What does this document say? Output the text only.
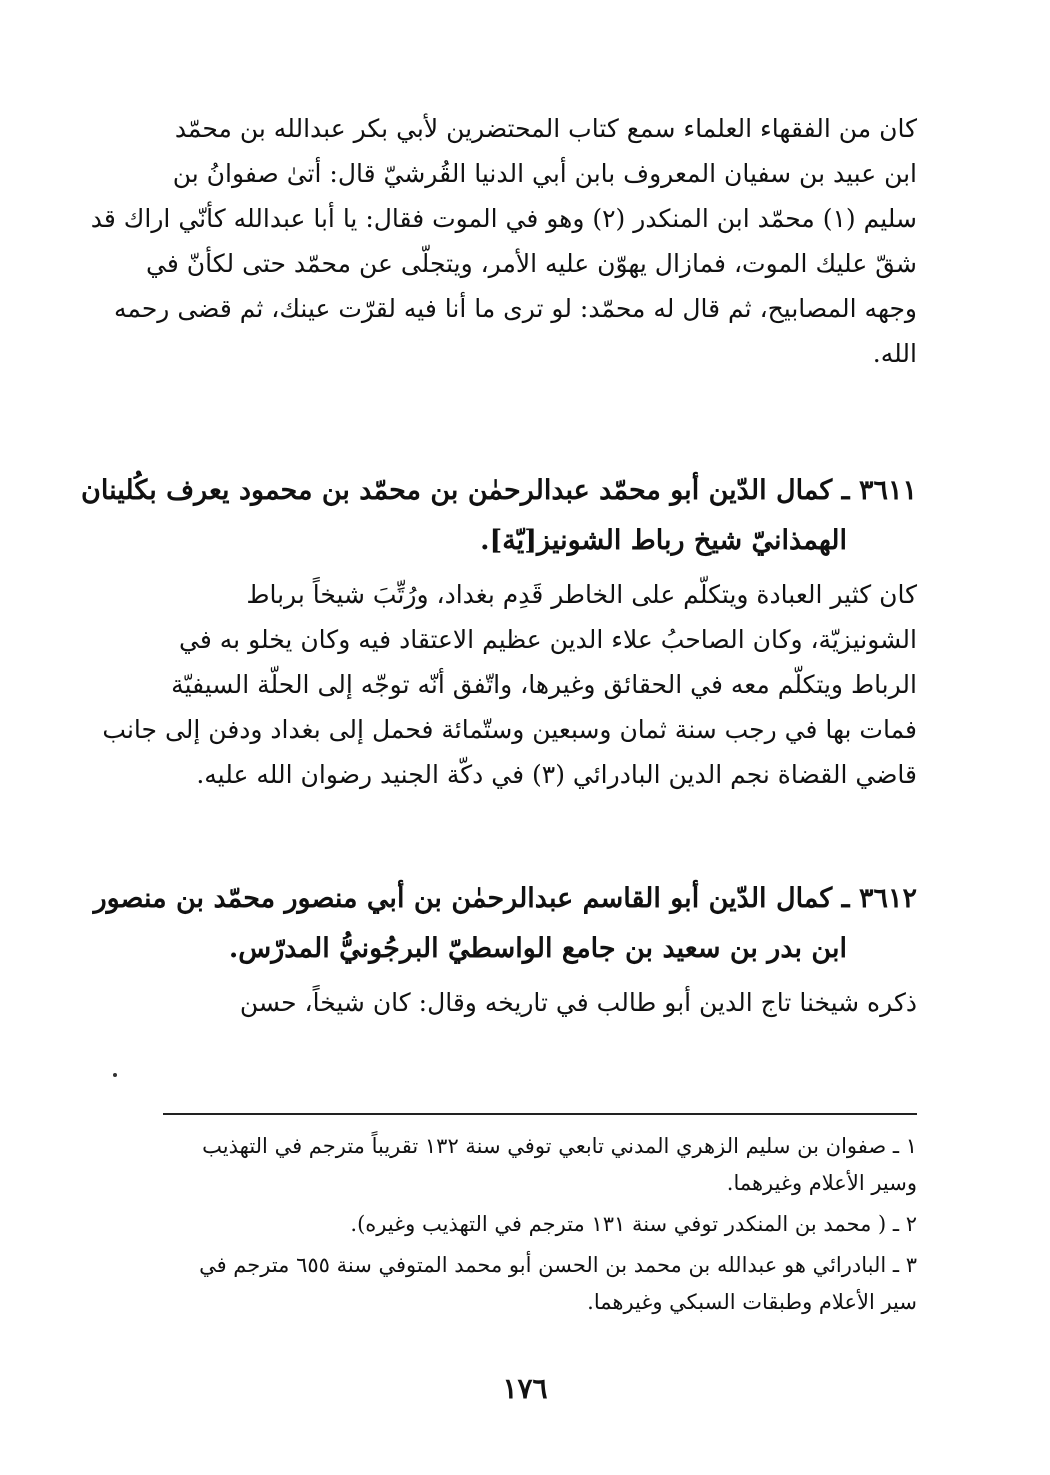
كان من الفقهاء العلماء سمع كتاب المحتضرين لأبي بكر عبدالله بن محمّد
ابن عبيد بن سفيان المعروف بابن أبي الدنيا القُرشيّ قال: أتىٰ صفوانُ بن
سليم (١) محمّد ابن المنكدر (٢) وهو في الموت فقال: يا أبا عبدالله كأنّي اراك قد
شقّ عليك الموت، فمازال يهوّن عليه الأمر، ويتجلّى عن محمّد حتى لكأنّ في
وجهه المصابيح، ثم قال له محمّد: لو ترى ما أنا فيه لقرّت عينك، ثم قضى رحمه
الله.
٣٦١١ ـ كمال الدّين أبو محمّد عبدالرحمٰن بن محمّد بن محمود يعرف بكُلينان
الهمذانيّ شيخ رباط الشونيز[يّة].
كان كثير العبادة ويتكلّم على الخاطر قَدِم بغداد، ورُتِّبَ شيخاً برباط
الشونيزيّة، وكان الصاحبُ علاء الدين عظيم الاعتقاد فيه وكان يخلو به في
الرباط ويتكلّم معه في الحقائق وغيرها، واتّفق أنّه توجّه إلى الحلّة السيفيّة
فمات بها في رجب سنة ثمان وسبعين وستّمائة فحمل إلى بغداد ودفن إلى جانب
قاضي القضاة نجم الدين البادرائي (٣) في دكّة الجنيد رضوان الله عليه.
٣٦١٢ ـ كمال الدّين أبو القاسم عبدالرحمٰن بن أبي منصور محمّد بن منصور
ابن بدر بن سعيد بن جامع الواسطيّ البرجُونيُّ المدرّس.
ذكره شيخنا تاج الدين أبو طالب في تاريخه وقال: كان شيخاً، حسن
١ ـ صفوان بن سليم الزهري المدني تابعي توفي سنة ١٣٢ تقريباً مترجم في التهذيب
وسير الأعلام وغيرهما.
٢ ـ ( محمد بن المنكدر توفي سنة ١٣١ مترجم في التهذيب وغيره).
٣ ـ البادرائي هو عبدالله بن محمد بن الحسن أبو محمد المتوفي سنة ٦٥٥ مترجم في
سير الأعلام وطبقات السبكي وغيرهما.
١٧٦
